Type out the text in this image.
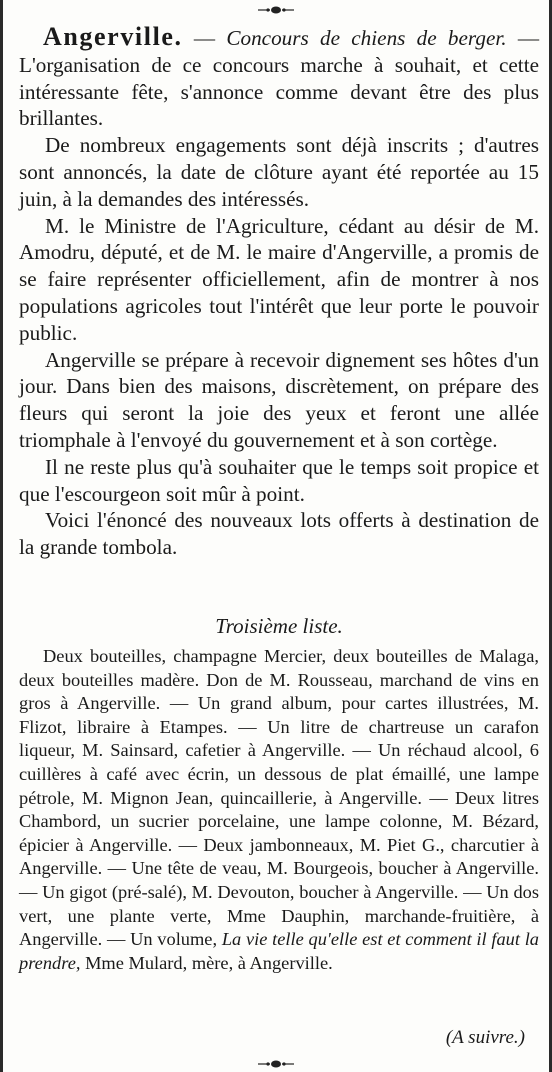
Angerville. — Concours de chiens de berger. — L'organisation de ce concours marche à souhait, et cette intéressante fête, s'annonce comme devant être des plus brillantes.

De nombreux engagements sont déjà inscrits ; d'autres sont annoncés, la date de clôture ayant été reportée au 15 juin, à la demandes des intéressés.

M. le Ministre de l'Agriculture, cédant au désir de M. Amodru, député, et de M. le maire d'Angerville, a promis de se faire représenter officiellement, afin de montrer à nos populations agricoles tout l'intérêt que leur porte le pouvoir public.

Angerville se prépare à recevoir dignement ses hôtes d'un jour. Dans bien des maisons, discrètement, on prépare des fleurs qui seront la joie des yeux et feront une allée triomphale à l'envoyé du gouvernement et à son cortège.

Il ne reste plus qu'à souhaiter que le temps soit propice et que l'escourgeon soit mûr à point.

Voici l'énoncé des nouveaux lots offerts à destination de la grande tombola.

Troisième liste.

Deux bouteilles, champagne Mercier, deux bouteilles de Malaga, deux bouteilles madère. Don de M. Rousseau, marchand de vins en gros à Angerville. — Un grand album, pour cartes illustrées, M. Flizot, libraire à Etampes. — Un litre de chartreuse un carafon liqueur, M. Sainsard, cafetier à Angerville. — Un réchaud alcool, 6 cuillères à café avec écrin, un dessous de plat émaillé, une lampe pétrole, M. Mignon Jean, quincaillerie, à Angerville. — Deux litres Chambord, un sucrier porcelaine, une lampe colonne, M. Bézard, épicier à Angerville. — Deux jambonneaux, M. Piet G., charcutier à Angerville. — Une tête de veau, M. Bourgeois, boucher à Angerville. — Un gigot (pré-salé), M. Devouton, boucher à Angerville. — Un dos vert, une plante verte, Mme Dauphin, marchande-fruitière, à Angerville. — Un volume, La vie telle qu'elle est et comment il faut la prendre, Mme Mulard, mère, à Angerville.

(A suivre.)
